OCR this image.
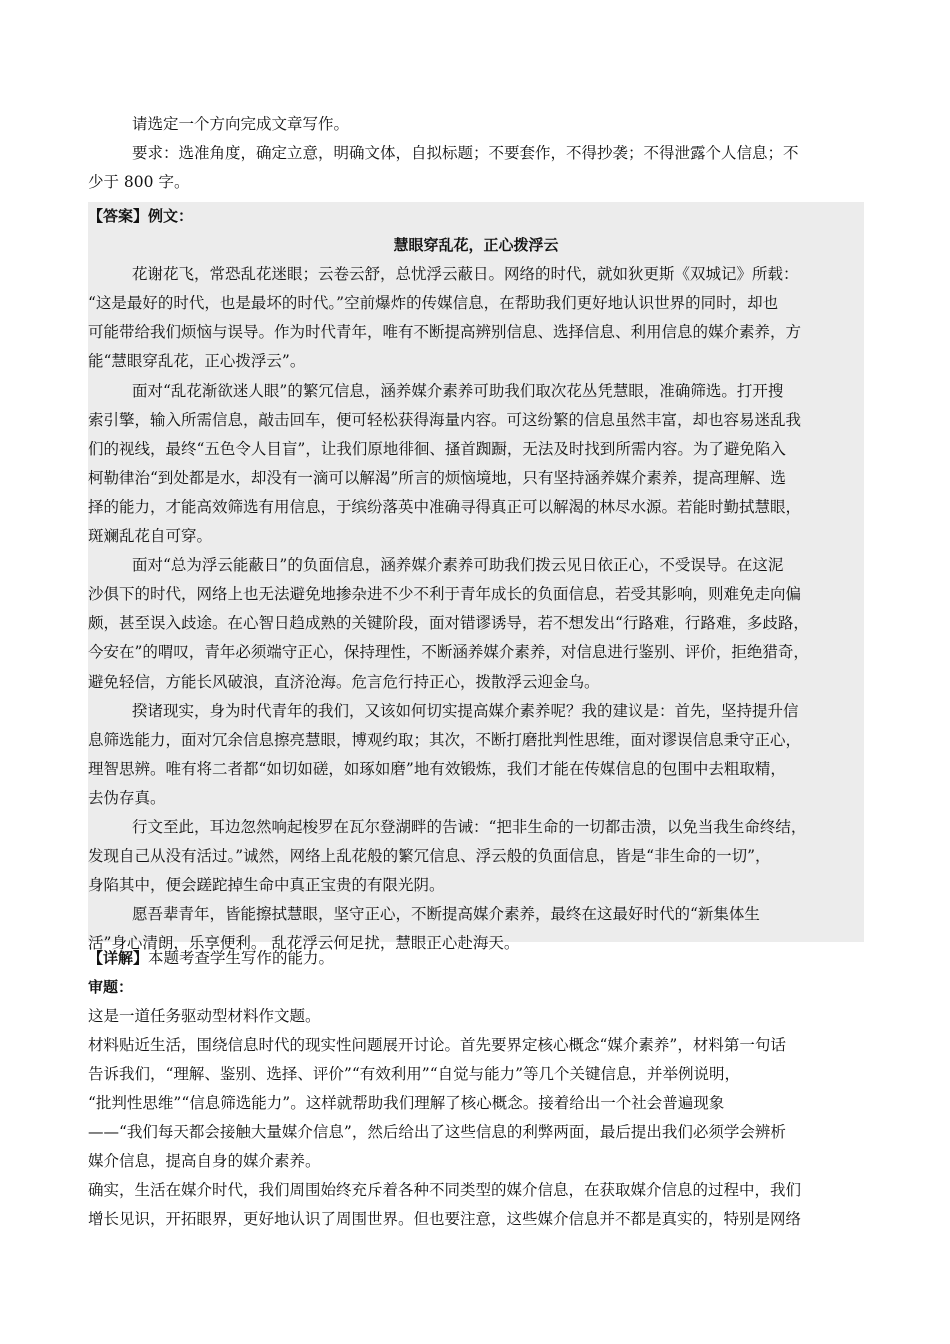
请选定一个方向完成文章写作。
要求：选准角度，确定立意，明确文体，自拟标题；不要套作，不得抄袭；不得泄露个人信息；不
少于 800 字。
【答案】例文：
慧眼穿乱花，正心拨浮云
花谢花飞，常恐乱花迷眼；云卷云舒，总忧浮云蔽日。网络的时代，就如狄更斯《双城记》所载：
“这是最好的时代，也是最坏的时代。”空前爆炸的传媒信息，在帮助我们更好地认识世界的同时，却也
可能带给我们烦恼与误导。作为时代青年，唯有不断提高辨别信息、选择信息、利用信息的媒介素养，方
能“慧眼穿乱花，正心拨浮云”。
面对“乱花渐欲迷人眼”的繁冗信息，涵养媒介素养可助我们取次花丛凭慧眼，准确筛选。打开搜
索引擎，输入所需信息，敲击回车，便可轻松获得海量内容。可这纷繁的信息虽然丰富，却也容易迷乱我
们的视线，最终“五色令人目盲”，让我们原地徘徊、搔首踟蹰，无法及时找到所需内容。为了避免陷入
柯勒律治“到处都是水，却没有一滴可以解渴”所言的烦恼境地，只有坚持涵养媒介素养，提高理解、选
择的能力，才能高效筛选有用信息，于缤纷落英中准确寻得真正可以解渴的林尽水源。若能时勤拭慧眼，
斑斓乱花自可穿。
面对“总为浮云能蔽日”的负面信息，涵养媒介素养可助我们拨云见日依正心，不受误导。在这泥
沙俱下的时代，网络上也无法避免地掺杂进不少不利于青年成长的负面信息，若受其影响，则难免走向偏
颇，甚至误入歧途。在心智日趋成熟的关键阶段，面对错谬诱导，若不想发出“行路难，行路难，多歧路，
今安在”的喟叹，青年必须端守正心，保持理性，不断涵养媒介素养，对信息进行鉴别、评价，拒绝猎奇，
避免轻信，方能长风破浪，直济沧海。危言危行持正心，拨散浮云迎金乌。
揆诸现实，身为时代青年的我们，又该如何切实提高媒介素养呢？我的建议是：首先，坚持提升信
息筛选能力，面对冗余信息擦亮慧眼，博观约取；其次，不断打磨批判性思维，面对谬误信息秉守正心，
理智思辨。唯有将二者都“如切如磋，如琢如磨”地有效锻炼，我们才能在传媒信息的包围中去粗取精，
去伪存真。
行文至此，耳边忽然响起梭罗在瓦尔登湖畔的告诫：“把非生命的一切都击溃，以免当我生命终结，
发现自己从没有活过。”诚然，网络上乱花般的繁冗信息、浮云般的负面信息，皆是“非生命的一切”，
身陷其中，便会蹉跎掉生命中真正宝贵的有限光阴。
愿吾辈青年，皆能擦拭慧眼，坚守正心，不断提高媒介素养，最终在这最好时代的“新集体生
活”身心清朗，乐享便利。 乱花浮云何足扰，慧眼正心赴海天。
【详解】本题考查学生写作的能力。
审题：
这是一道任务驱动型材料作文题。
材料贴近生活，围绕信息时代的现实性问题展开讨论。首先要界定核心概念“媒介素养”，材料第一句话
告诉我们，“理解、鉴别、选择、评价”“有效利用”“自觉与能力”等几个关键信息，并举例说明，
“批判性思维”“信息筛选能力”。这样就帮助我们理解了核心概念。接着给出一个社会普遍现象
——“我们每天都会接触大量媒介信息”，然后给出了这些信息的利弊两面，最后提出我们必须学会辨析
媒介信息，提高自身的媒介素养。
确实，生活在媒介时代，我们周围始终充斥着各种不同类型的媒介信息，在获取媒介信息的过程中，我们
增长见识，开拓眼界，更好地认识了周围世界。但也要注意，这些媒介信息并不都是真实的，特别是网络
